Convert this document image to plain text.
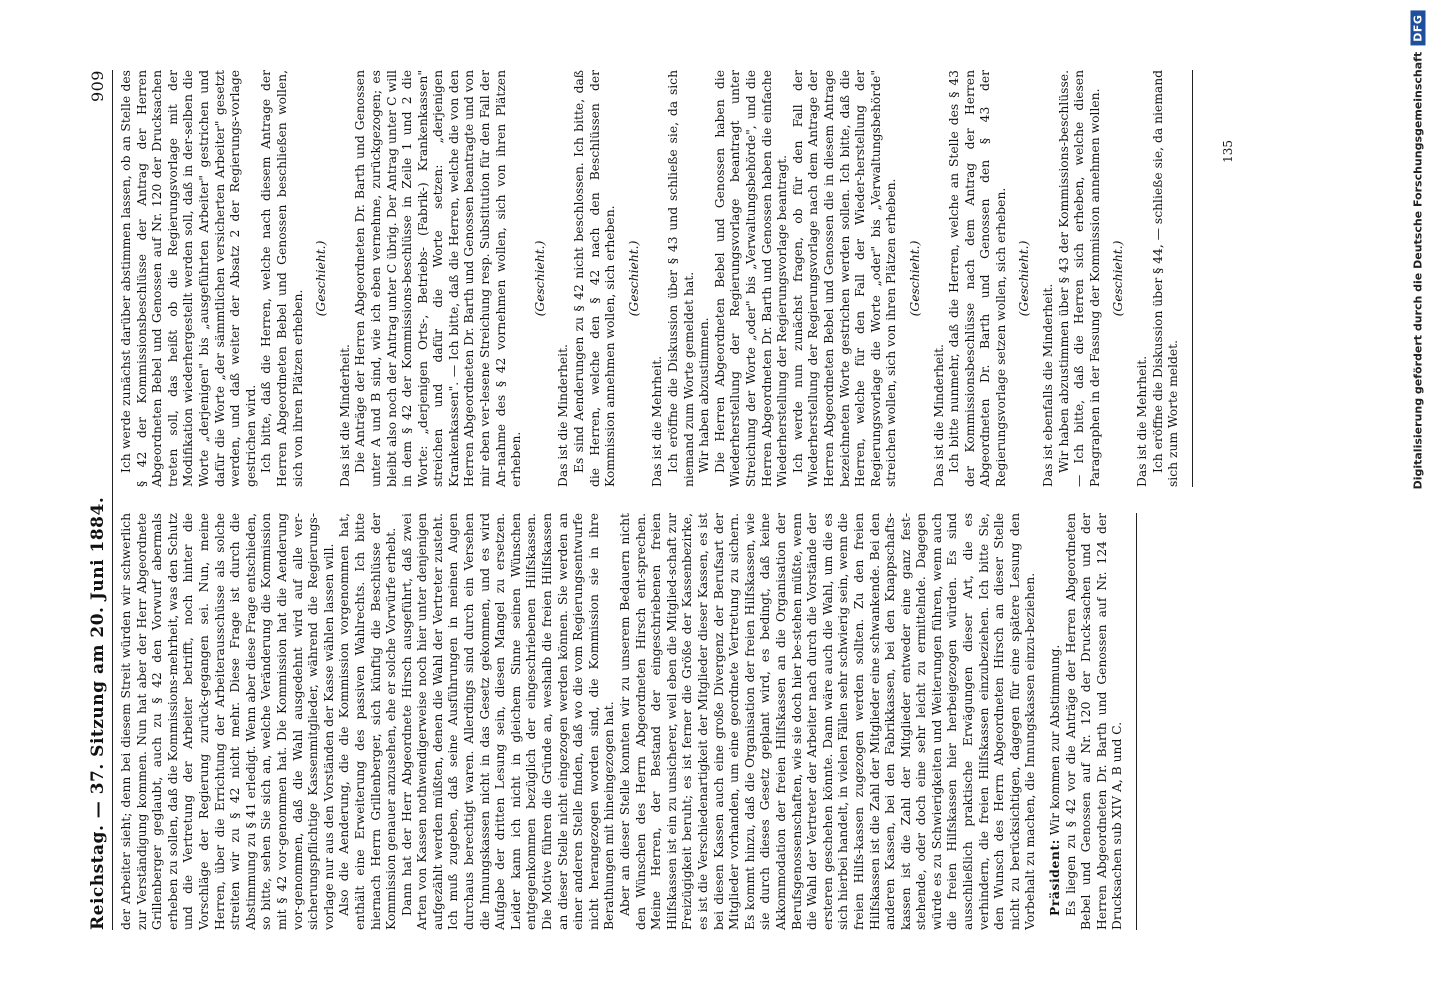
Reichstag. — 37. Sitzung am 20. Juni 1884.
909

der Arbeiter sieht; denn bei diesem Streit würden wir schwerlich zur Verständigung kommen. Nun hat aber der Herr Abgeordnete Grillenberger geglaubt, auch zu § 42 den Vorwurf abermals erheben zu sollen, daß die Kommissions-mehrheit, was den Schutz und die Vertretung der Arbeiter betrifft, noch hinter die Vorschläge der Regierung zurück-gegangen sei. Nun, meine Herren, über die Errichtung der Arbeiterausschüsse als solche streiten wir zu § 42 nicht mehr. Diese Frage ist durch die Abstimmung zu § 41 erledigt. Wenn aber diese Frage entschieden, so bitte, sehen Sie sich an, welche Veränderung die Kommission mit § 42 vor-genommen hat. Die Kommission hat die Aenderung vor-genommen, daß die Wahl ausgedehnt wird auf alle ver-sicherungspflichtige Kassenmitglieder, während die Regierungs-vorlage nur aus den Vorständen der Kasse wählen lassen will. Also die Aenderung, die die Kommission vorgenommen hat, enthält eine Erweiterung des passiven Wahlrechts. Ich bitte hiernach Herrn Grillenberger, sich künftig die Beschlüsse der Kommission genauer anzusehen, ehe er solche Vorwürfe erhebt. Dann hat der Herr Abgeordnete Hirsch ausgeführt, daß zwei Arten von Kassen nothwendigerweise noch hier unter denjenigen aufgezählt werden müßten, denen die Wahl der Vertreter zusteht. Ich muß zugeben, daß seine Ausführungen in meinen Augen durchaus berechtigt waren. Allerdings sind durch ein Versehen die Innungskassen nicht in das Gesetz gekommen, und es wird Aufgabe der dritten Lesung sein, diesen Mangel zu ersetzen. Leider kann ich nicht in gleichem Sinne seinen Wünschen entgegenkommen bezüglich der eingeschriebenen Hilfskassen. Die Motive führen die Gründe an, weshalb die freien Hilfskassen an dieser Stelle nicht eingezogen werden können. Sie werden an einer anderen Stelle finden, daß wo die vom Regierungsentwurfe nicht herangezogen worden sind, die Kommission sie in ihre Berathungen mit hineingezogen hat. Aber an dieser Stelle konnten wir zu unserem Bedauern nicht den Wünschen des Herrn Abgeordneten Hirsch ent-sprechen. Meine Herren, der Bestand der eingeschriebenen freien Hilfskassen ist ein zu unsicherer, weil eben die Mitglied-schaft zur Freizügigkeit beruht; es ist ferner die Größe der Kassenbezirke, es ist die Verschiedenartigkeit der Mitglieder dieser Kassen, es ist bei diesen Kassen auch eine große Divergenz der Berufsart der Mitglieder vorhanden, um eine geordnete Vertretung zu sichern. Es kommt hinzu, daß die Organisation der freien Hilfskassen, wie sie durch dieses Gesetz geplant wird, es bedingt, daß keine Akkommodation der freien Hilfskassen an die Organisation der Berufsgenossenschaften, wie sie doch hier be-stehen müßte, wenn die Wahl der Vertreter der Arbeiter nach durch die Vorstände der ersteren geschehen könnte. Dann wäre auch die Wahl, um die es sich hierbei handelt, in vielen Fällen sehr schwierig sein, wenn die freien Hilfs-kassen zugezogen werden sollten. Zu den freien Hilfskassen ist die Zahl der Mitglieder eine schwankende. Bei den anderen Kassen, bei den Fabrikkassen, bei den Knappschafts-kassen ist die Zahl der Mitglieder entweder eine ganz fest-stehende, oder doch eine sehr leicht zu ermittelnde. Dagegen würde es zu Schwierigkeiten und Weiterungen führen, wenn auch die freien Hilfskassen hier herbeigezogen würden. Es sind ausschließlich praktische Erwägungen dieser Art, die es verhindern, die freien Hilfskassen einzubeziehen. Ich bitte Sie, den Wunsch des Herrn Abgeordneten Hirsch an dieser Stelle nicht zu berücksichtigen, dagegen für eine spätere Lesung den Vorbehalt zu machen, die Innungskassen einzu-beziehen. Präsident: Wir kommen zur Abstimmung. Es liegen zu § 42 vor die Anträge der Herren Abgeordneten Bebel und Genossen auf Nr. 120 der Druck-sachen und der Herren Abgeordneten Dr. Barth und Genossen auf Nr. 124 der Drucksachen sub XIV A, B und C.

Ich werde zunächst darüber abstimmen lassen, ob an Stelle des § 42 der Kommissionsbeschlüsse der Antrag der Herren Abgeordneten Bebel und Genossen auf Nr. 120 der Drucksachen treten soll, das heißt ob die Regierungsvorlage mit der Modifikation wiederhergestellt werden soll, daß in der-selben die Worte „derjenigen" bis „ausgeführten Arbeiter" gestrichen und dafür die Worte „der sämmtlichen versicherten Arbeiter" gesetzt werden, und daß weiter der Absatz 2 der Regierungs-vorlage gestrichen wird. Ich bitte, daß die Herren, welche nach diesem Antrage der Herren Abgeordneten Bebel und Genossen beschließen wollen, sich von ihren Plätzen erheben.

(Geschieht.)

Das ist die Minderheit. Die Anträge der Herren Abgeordneten Dr. Barth und Genossen unter A und B sind, wie ich eben vernehme, zurückgezogen; es bleibt also noch der Antrag unter C übrig. Der Antrag unter C will in dem § 42 der Kommissions-beschlüsse in Zeile 1 und 2 die Worte: „derjenigen Orts-, Betriebs- (Fabrik-) Krankenkassen" streichen und dafür die Worte setzen: „derjenigen Krankenkassen". — Ich bitte, daß die Herren, welche die von den Herren Abgeordneten Dr. Barth und Genossen beantragte und von mir eben ver-lesene Streichung resp. Substitution für den Fall der An-nahme des § 42 vornehmen wollen, sich von ihren Plätzen erheben.

(Geschieht.)

Das ist die Minderheit. Es sind Aenderungen zu § 42 nicht beschlossen. Ich bitte, daß die Herren, welche den § 42 nach den Beschlüssen der Kommission annehmen wollen, sich erheben. (Geschieht.)

Das ist die Mehrheit. Ich eröffne die Diskussion über § 43 und schließe sie, da sich niemand zum Worte gemeldet hat. Wir haben abzustimmen. Die Herren Abgeordneten Bebel und Genossen haben die Wiederherstellung der Regierungsvorlage beantragt unter Streichung der Worte „oder" bis „Verwaltungsbehörde", und die Herren Abgeordneten Dr. Barth und Genossen haben die einfache Wiederherstellung der Regierungsvorlage beantragt. Ich werde nun zunächst fragen, ob für den Fall der Wiederherstellung der Regierungsvorlage nach dem Antrage der Herren Abgeordneten Bebel und Genossen die in diesem Antrage bezeichneten Worte gestrichen werden sollen. Ich bitte, daß die Herren, welche für den Fall der Wieder-herstellung der Regierungsvorlage die Worte „oder" bis „Verwaltungsbehörde" streichen wollen, sich von ihren Plätzen erheben. (Geschieht.)

Das ist die Minderheit. Ich bitte nunmehr, daß die Herren, welche an Stelle des § 43 der Kommissionsbeschlüsse nach dem Antrag der Herren Abgeordneten Dr. Barth und Genossen den § 43 der Regierungsvorlage setzen wollen, sich erheben. (Geschieht.)

Das ist ebenfalls die Minderheit. Wir haben abzustimmen über § 43 der Kommissions-beschlüsse. — Ich bitte, daß die Herren sich erheben, welche diesen Paragraphen in der Fassung der Kommission annehmen wollen. (Geschieht.)

Das ist die Mehrheit. Ich eröffne die Diskussion über § 44, — schließe sie, da niemand sich zum Worte meldet.

135	Digitalisierung gefördert durch die Deutsche Forschungsgemeinschaft
DFG
